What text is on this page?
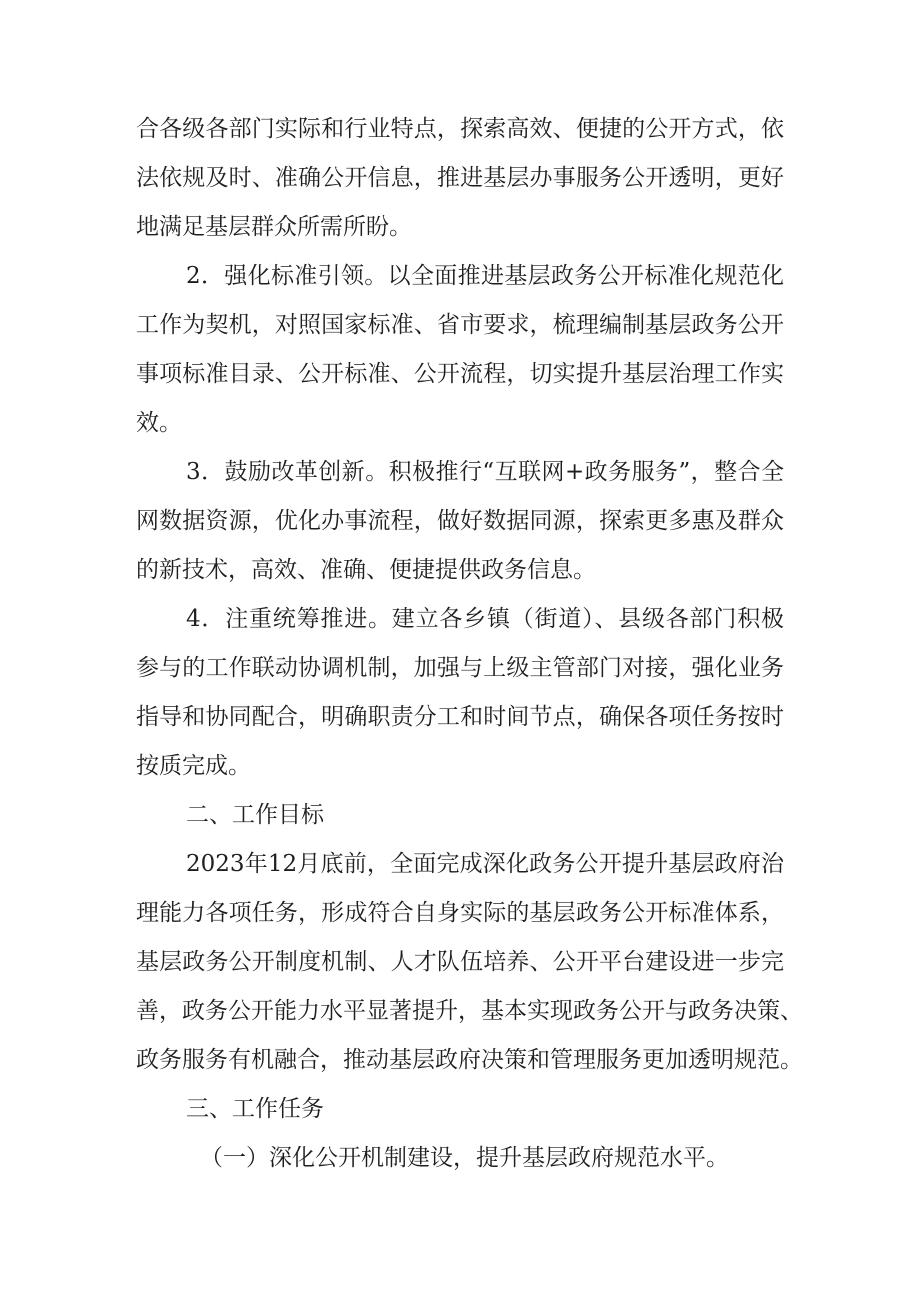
合各级各部门实际和行业特点，探索高效、便捷的公开方式，依
法依规及时、准确公开信息，推进基层办事服务公开透明，更好
地满足基层群众所需所盼。
2．强化标准引领。以全面推进基层政务公开标准化规范化
工作为契机，对照国家标准、省市要求，梳理编制基层政务公开
事项标准目录、公开标准、公开流程，切实提升基层治理工作实
效。
3．鼓励改革创新。积极推行“互联网+政务服务”，整合全
网数据资源，优化办事流程，做好数据同源，探索更多惠及群众
的新技术，高效、准确、便捷提供政务信息。
4．注重统筹推进。建立各乡镇（街道）、县级各部门积极
参与的工作联动协调机制，加强与上级主管部门对接，强化业务
指导和协同配合，明确职责分工和时间节点，确保各项任务按时
按质完成。
二、工作目标
2023年12月底前，全面完成深化政务公开提升基层政府治
理能力各项任务，形成符合自身实际的基层政务公开标准体系，
基层政务公开制度机制、人才队伍培养、公开平台建设进一步完
善，政务公开能力水平显著提升，基本实现政务公开与政务决策、
政务服务有机融合，推动基层政府决策和管理服务更加透明规范。
三、工作任务
（一）深化公开机制建设，提升基层政府规范水平。
